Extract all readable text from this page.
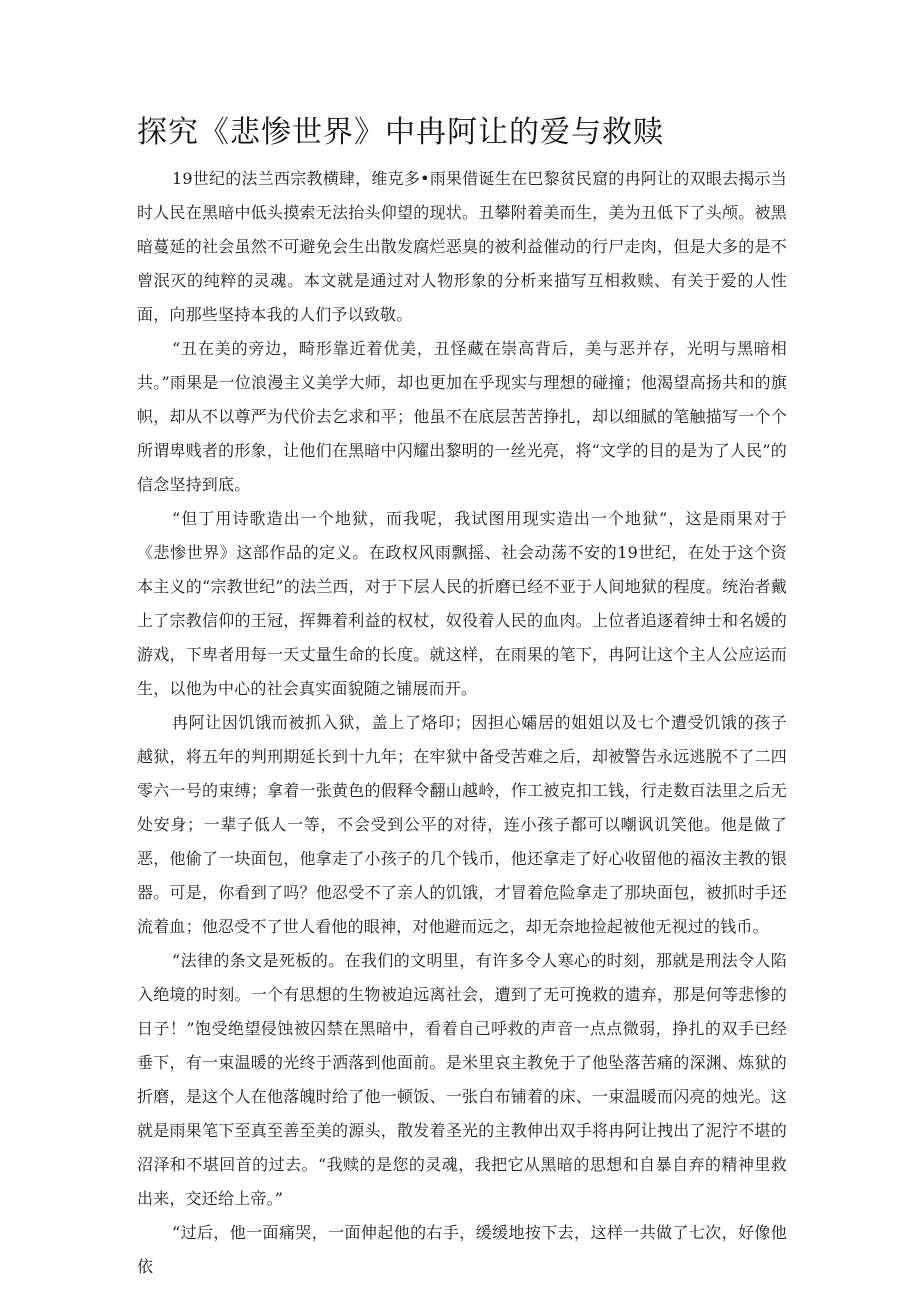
探究《悲惨世界》中冉阿让的爱与救赎

19世纪的法兰西宗教横肆，维克多•雨果借诞生在巴黎贫民窟的冉阿让的双眼去揭示当时人民在黑暗中低头摸索无法抬头仰望的现状。丑攀附着美而生，美为丑低下了头颅。被黑暗蔓延的社会虽然不可避免会生出散发腐烂恶臭的被利益催动的行尸走肉，但是大多的是不曾泯灭的纯粹的灵魂。本文就是通过对人物形象的分析来描写互相救赎、有关于爱的人性面，向那些坚持本我的人们予以致敬。

“丑在美的旁边，畸形靠近着优美，丑怪藏在崇高背后，美与恶并存，光明与黑暗相共。”雨果是一位浪漫主义美学大师，却也更加在乎现实与理想的碰撞；他渴望高扬共和的旗帜，却从不以尊严为代价去乞求和平；他虽不在底层苦苦挣扎，却以细腻的笔触描写一个个所谓卑贱者的形象，让他们在黑暗中闪耀出黎明的一丝光亮，将“文学的目的是为了人民”的信念坚持到底。

“但丁用诗歌造出一个地狱，而我呢，我试图用现实造出一个地狱”，这是雨果对于《悲惨世界》这部作品的定义。在政权风雨飘摇、社会动荡不安的19世纪，在处于这个资本主义的“宗教世纪”的法兰西，对于下层人民的折磨已经不亚于人间地狱的程度。统治者戴上了宗教信仰的王冠，挥舞着利益的权杖，奴役着人民的血肉。上位者追逐着绅士和名媛的游戏，下卑者用每一天丈量生命的长度。就这样，在雨果的笔下，冉阿让这个主人公应运而生，以他为中心的社会真实面貌随之铺展而开。

冉阿让因饥饿而被抓入狱，盖上了烙印；因担心孀居的姐姐以及七个遭受饥饿的孩子越狱，将五年的判刑期延长到十九年；在牢狱中备受苦难之后，却被警告永远逃脱不了二四零六一号的束缚；拿着一张黄色的假释令翻山越岭，作工被克扣工钱，行走数百法里之后无处安身；一辈子低人一等，不会受到公平的对待，连小孩子都可以嘲讽讥笑他。他是做了恶，他偷了一块面包，他拿走了小孩子的几个钱币，他还拿走了好心收留他的福汝主教的银器。可是，你看到了吗？他忍受不了亲人的饥饿，才冒着危险拿走了那块面包，被抓时手还流着血；他忍受不了世人看他的眼神，对他避而远之，却无奈地捡起被他无视过的钱币。

“法律的条文是死板的。在我们的文明里，有许多令人寒心的时刻，那就是刑法令人陷入绝境的时刻。一个有思想的生物被迫远离社会，遭到了无可挽救的遗弃，那是何等悲惨的日子！”饱受绝望侵蚀被囚禁在黑暗中，看着自己呼救的声音一点点微弱，挣扎的双手已经垂下，有一束温暖的光终于洒落到他面前。是米里哀主教免于了他坠落苦痛的深渊、炼狱的折磨，是这个人在他落魄时给了他一顿饭、一张白布铺着的床、一束温暖而闪亮的烛光。这就是雨果笔下至真至善至美的源头，散发着圣光的主教伸出双手将冉阿让拽出了泥泞不堪的沼泽和不堪回首的过去。“我赎的是您的灵魂，我把它从黑暗的思想和自暴自弃的精神里救出来，交还给上帝。”

“过后，他一面痛哭，一面伸起他的右手，缓缓地按下去，这样一共做了七次，好像他依
